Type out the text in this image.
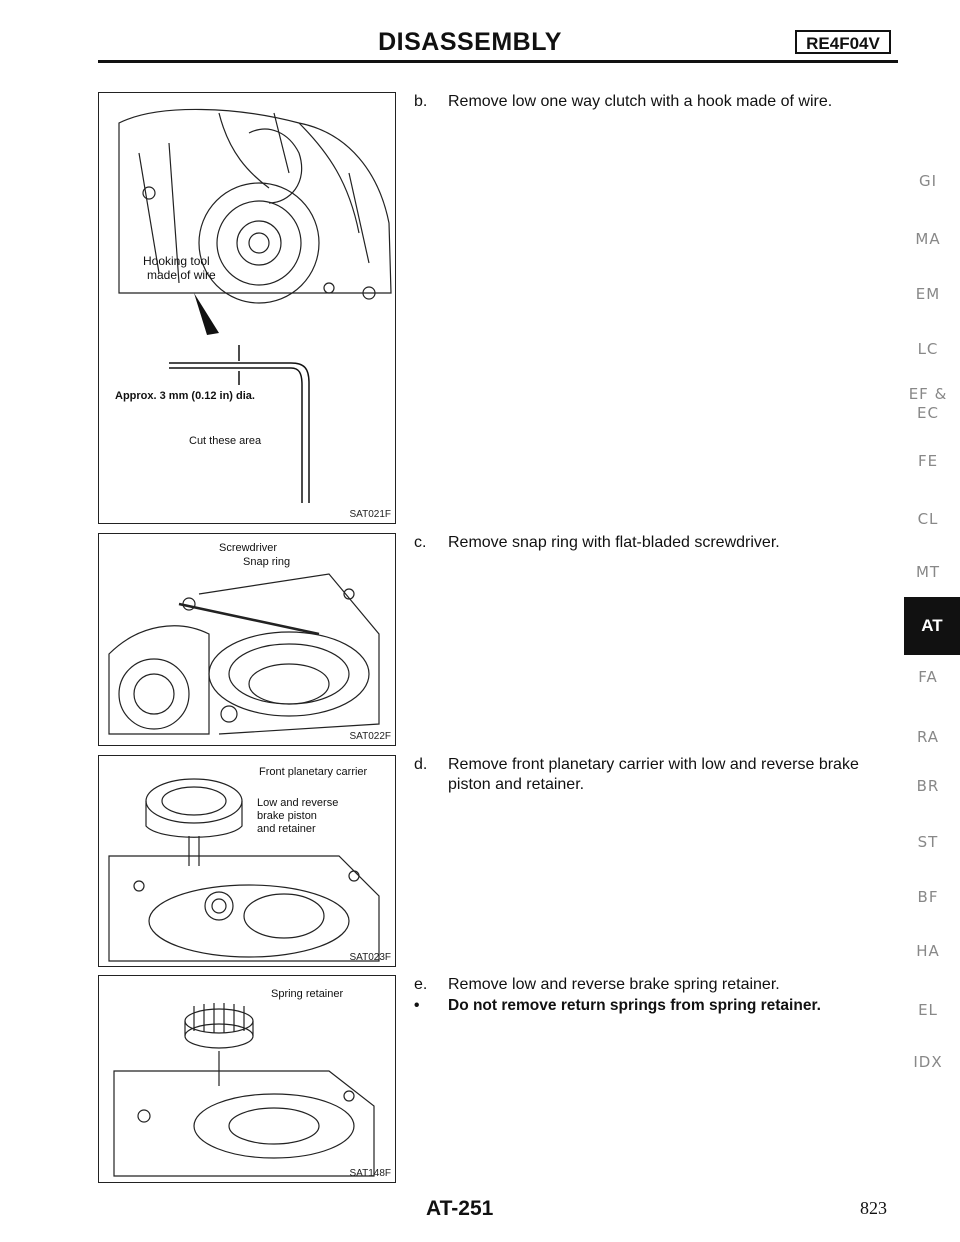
DISASSEMBLY	RE4F04V
Hooking tool
made of wire
Approx. 3 mm (0.12 in) dia.
Cut these area
SAT021F
Screwdriver
Snap ring
SAT022F
Front planetary carrier
Low and reverse
brake piston
and retainer
SAT023F
Spring retainer
SAT148F
b. Remove low one way clutch with a hook made of wire.
c. Remove snap ring with flat-bladed screwdriver.
d. Remove front planetary carrier with low and reverse brake
piston and retainer.
e. Remove low and reverse brake spring retainer.
• Do not remove return springs from spring retainer.
GI
MA
EM
LC
EF &
EC
FE
CL
MT
AT
FA
RA
BR
ST
BF
HA
EL
IDX
AT-251	823
